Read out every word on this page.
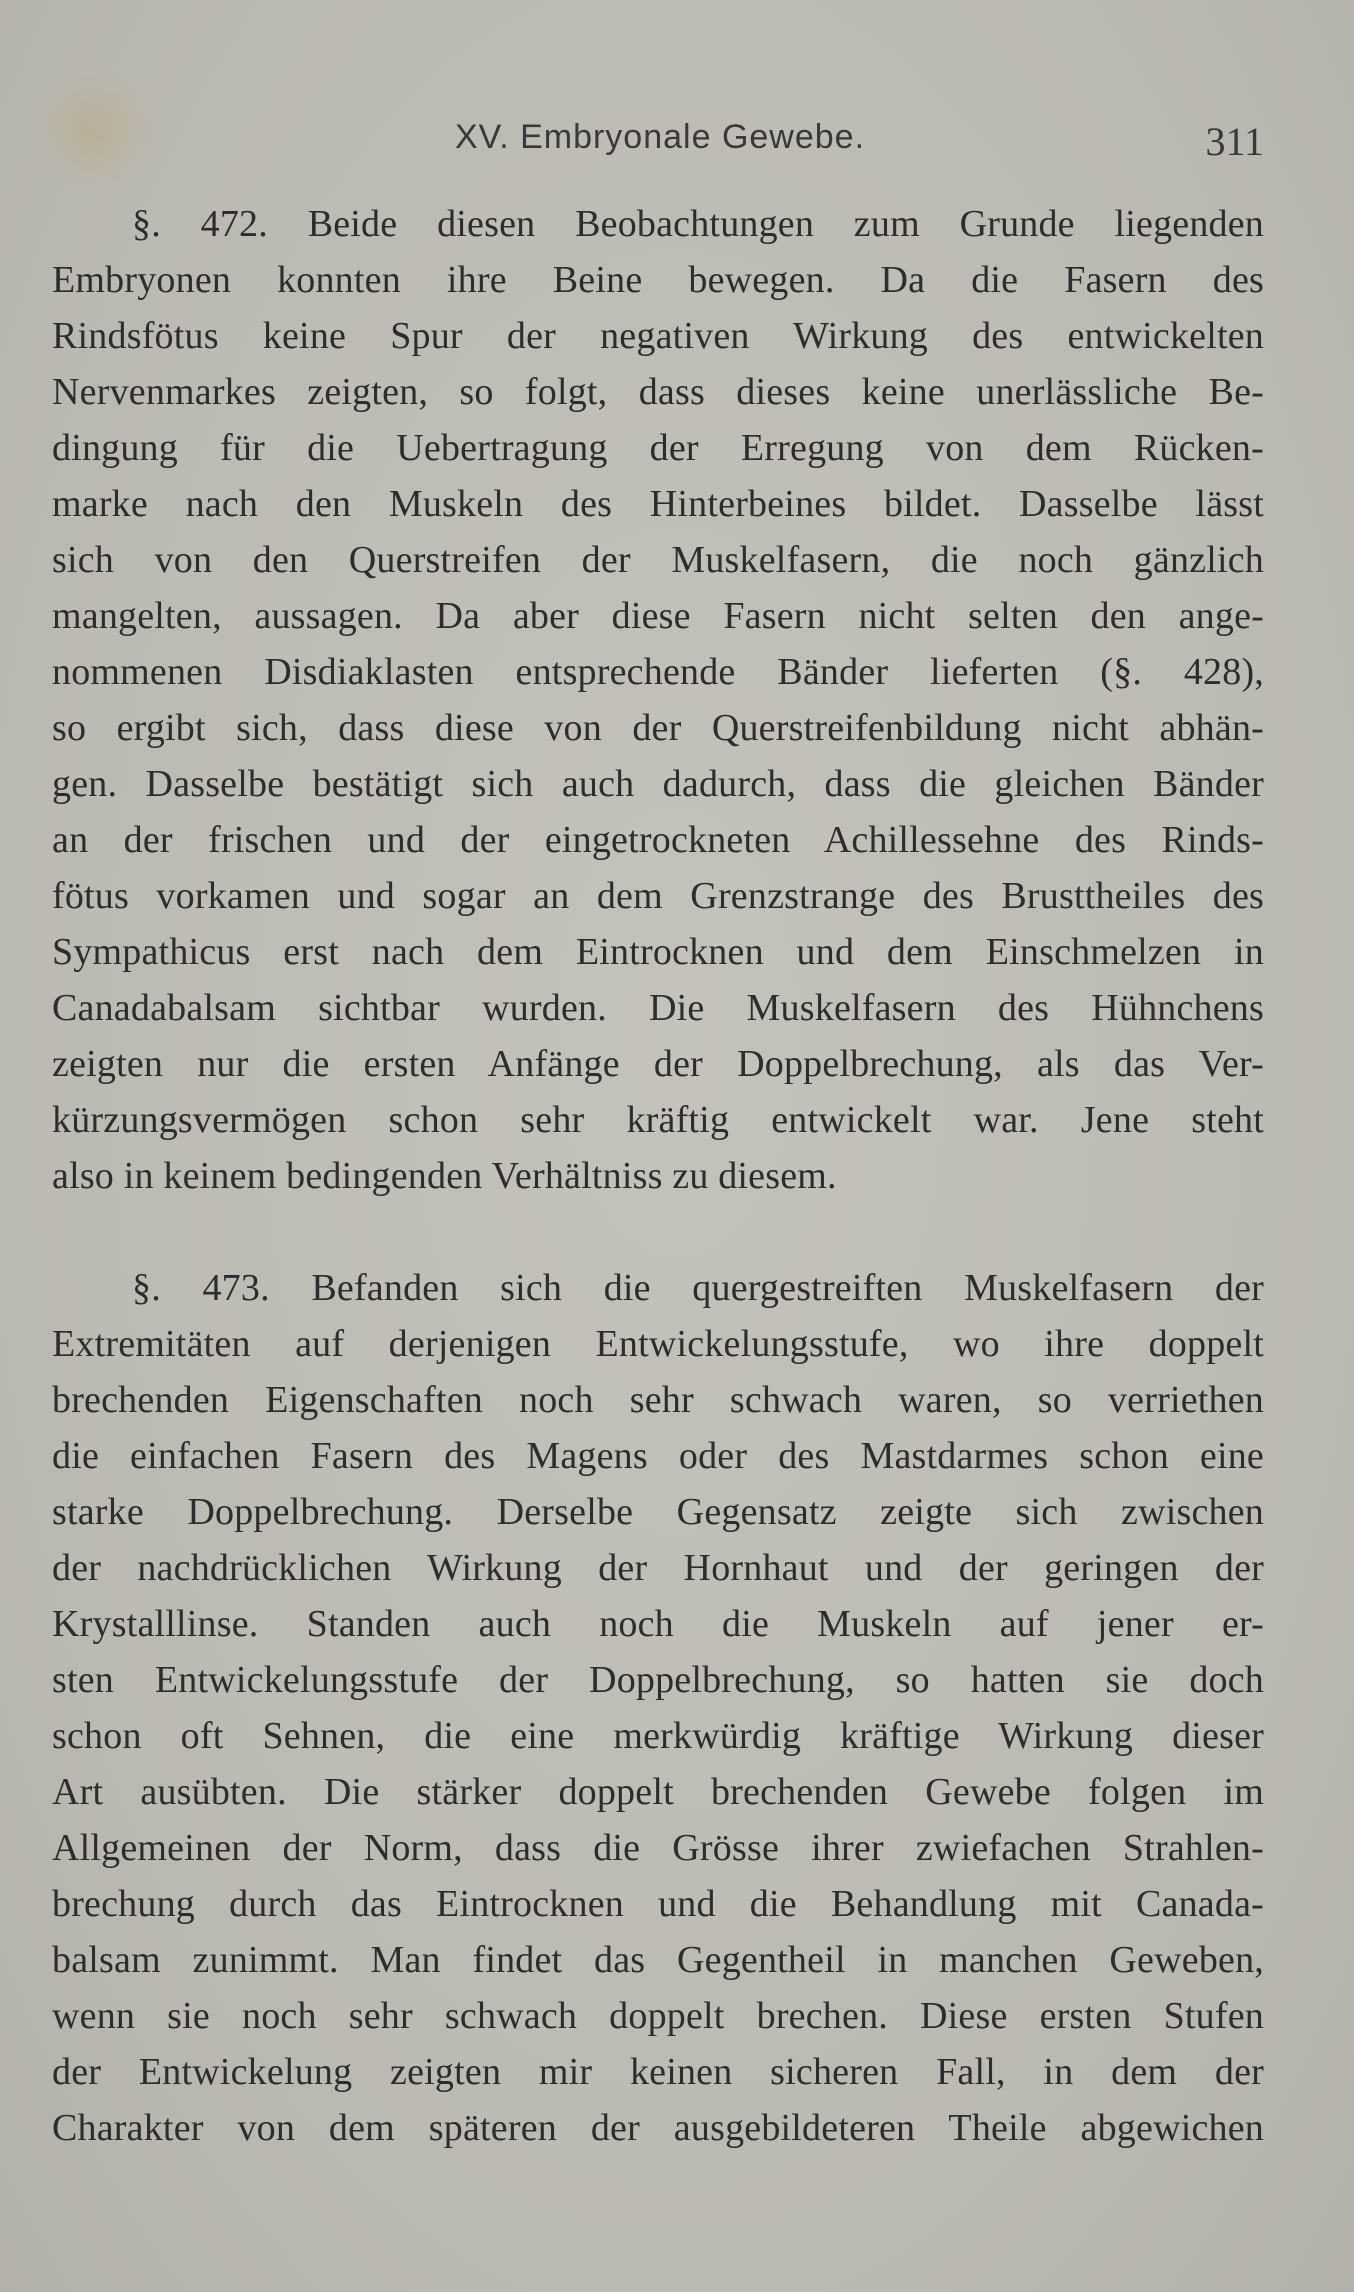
XV. Embryonale Gewebe.	311
§. 472. Beide diesen Beobachtungen zum Grunde liegenden
Embryonen konnten ihre Beine bewegen. Da die Fasern des
Rindsfötus keine Spur der negativen Wirkung des entwickelten
Nervenmarkes zeigten, so folgt, dass dieses keine unerlässliche Be-
dingung für die Uebertragung der Erregung von dem Rücken-
marke nach den Muskeln des Hinterbeines bildet. Dasselbe lässt
sich von den Querstreifen der Muskelfasern, die noch gänzlich
mangelten, aussagen. Da aber diese Fasern nicht selten den ange-
nommenen Disdiaklasten entsprechende Bänder lieferten (§. 428),
so ergibt sich, dass diese von der Querstreifenbildung nicht abhän-
gen. Dasselbe bestätigt sich auch dadurch, dass die gleichen Bänder
an der frischen und der eingetrockneten Achillessehne des Rinds-
fötus vorkamen und sogar an dem Grenzstrange des Brusttheiles des
Sympathicus erst nach dem Eintrocknen und dem Einschmelzen in
Canadabalsam sichtbar wurden. Die Muskelfasern des Hühnchens
zeigten nur die ersten Anfänge der Doppelbrechung, als das Ver-
kürzungsvermögen schon sehr kräftig entwickelt war. Jene steht
also in keinem bedingenden Verhältniss zu diesem.
§. 473. Befanden sich die quergestreiften Muskelfasern der
Extremitäten auf derjenigen Entwickelungsstufe, wo ihre doppelt
brechenden Eigenschaften noch sehr schwach waren, so verriethen
die einfachen Fasern des Magens oder des Mastdarmes schon eine
starke Doppelbrechung. Derselbe Gegensatz zeigte sich zwischen
der nachdrücklichen Wirkung der Hornhaut und der geringen der
Krystalllinse. Standen auch noch die Muskeln auf jener er-
sten Entwickelungsstufe der Doppelbrechung, so hatten sie doch
schon oft Sehnen, die eine merkwürdig kräftige Wirkung dieser
Art ausübten. Die stärker doppelt brechenden Gewebe folgen im
Allgemeinen der Norm, dass die Grösse ihrer zwiefachen Strahlen-
brechung durch das Eintrocknen und die Behandlung mit Canada-
balsam zunimmt. Man findet das Gegentheil in manchen Geweben,
wenn sie noch sehr schwach doppelt brechen. Diese ersten Stufen
der Entwickelung zeigten mir keinen sicheren Fall, in dem der
Charakter von dem späteren der ausgebildeteren Theile abgewichen
